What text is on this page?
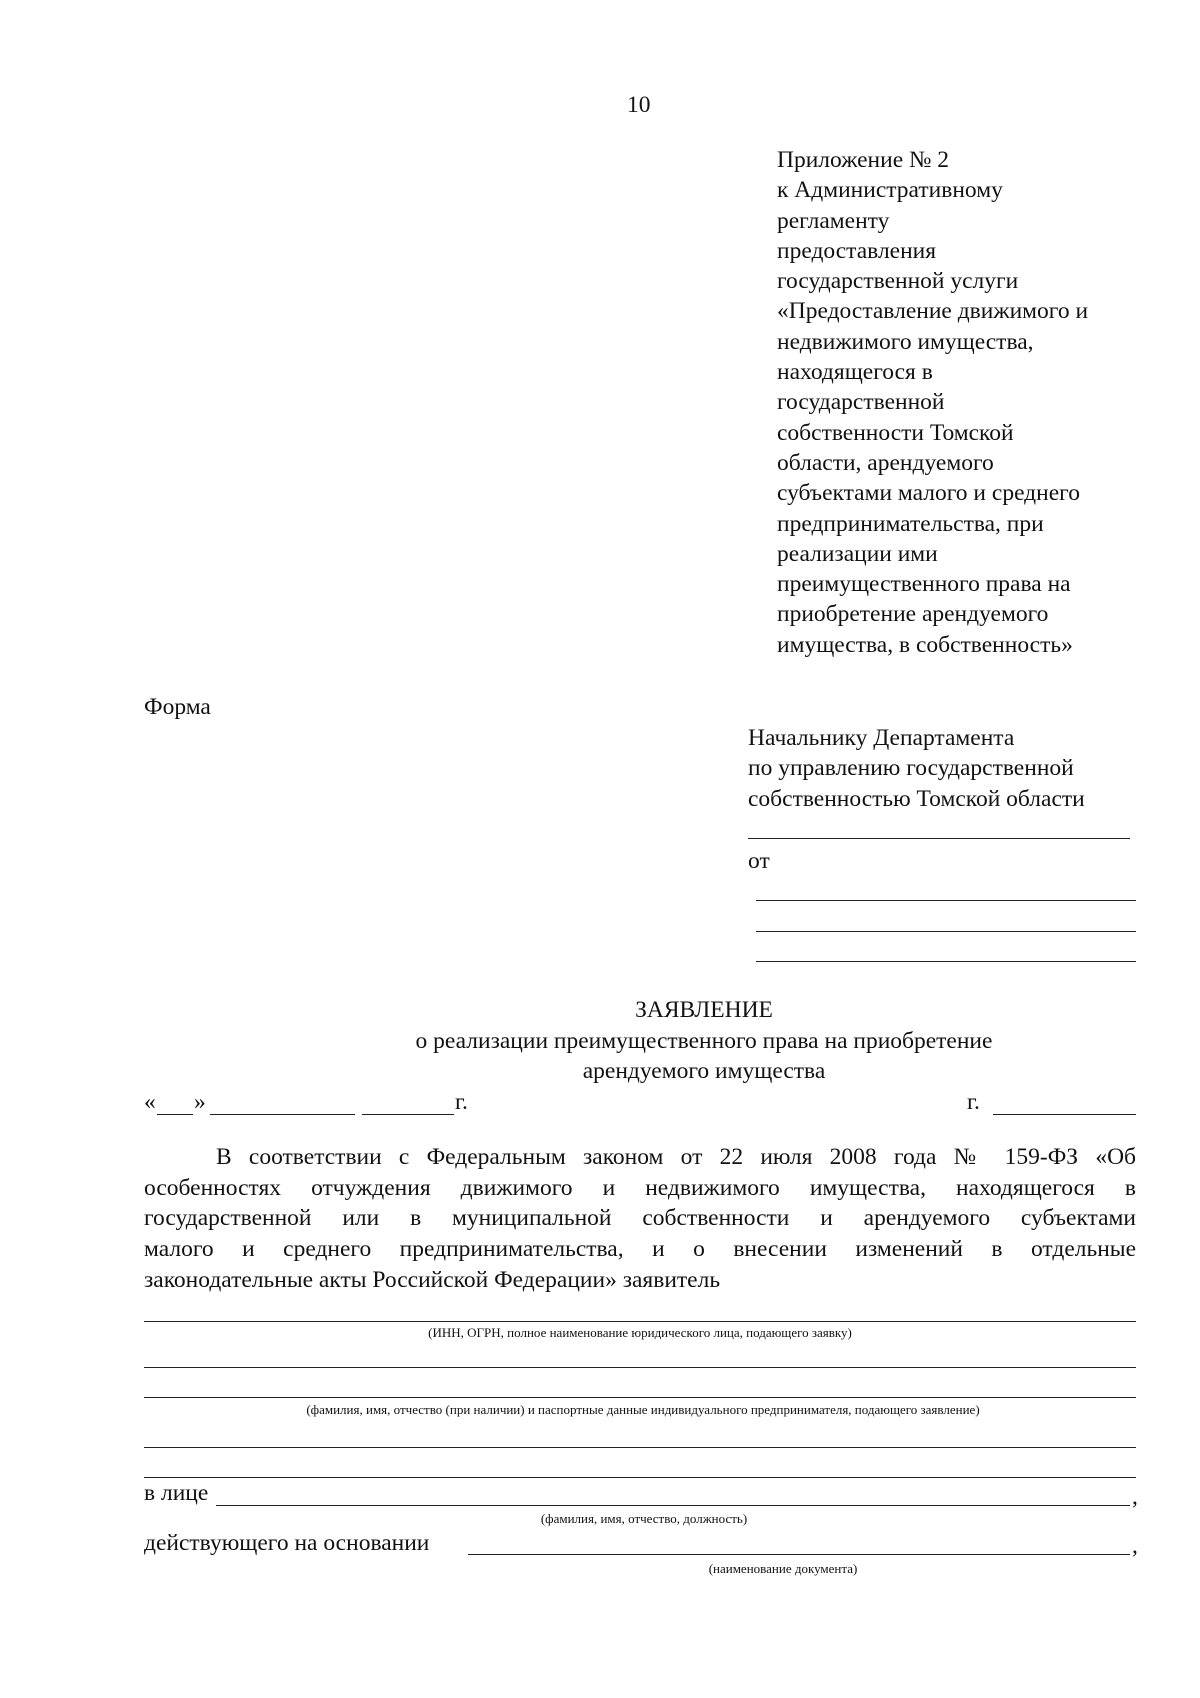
10
Приложение № 2
к Административному
регламенту
предоставления
государственной услуги
«Предоставление движимого и
недвижимого имущества,
находящегося в
государственной
собственности Томской
области, арендуемого
субъектами малого и среднего
предпринимательства, при
реализации ими
преимущественного права на
приобретение арендуемого
имущества, в собственность»
Форма
Начальнику Департамента
по управлению государственной
собственностью Томской области
от
ЗАЯВЛЕНИЕ
о реализации преимущественного права на приобретение
арендуемого имущества
« »	г.	г.
В соответствии с Федеральным законом от 22 июля 2008 года № 159-ФЗ «Об
особенностях отчуждения движимого и недвижимого имущества, находящегося в
государственной или в муниципальной собственности и арендуемого субъектами
малого и среднего предпринимательства, и о внесении изменений в отдельные
законодательные акты Российской Федерации» заявитель
(ИНН, ОГРН, полное наименование юридического лица, подающего заявку)
(фамилия, имя, отчество (при наличии) и паспортные данные индивидуального предпринимателя, подающего заявление)
в лице	,
(фамилия, имя, отчество, должность)
действующего на основании	,
(наименование документа)
